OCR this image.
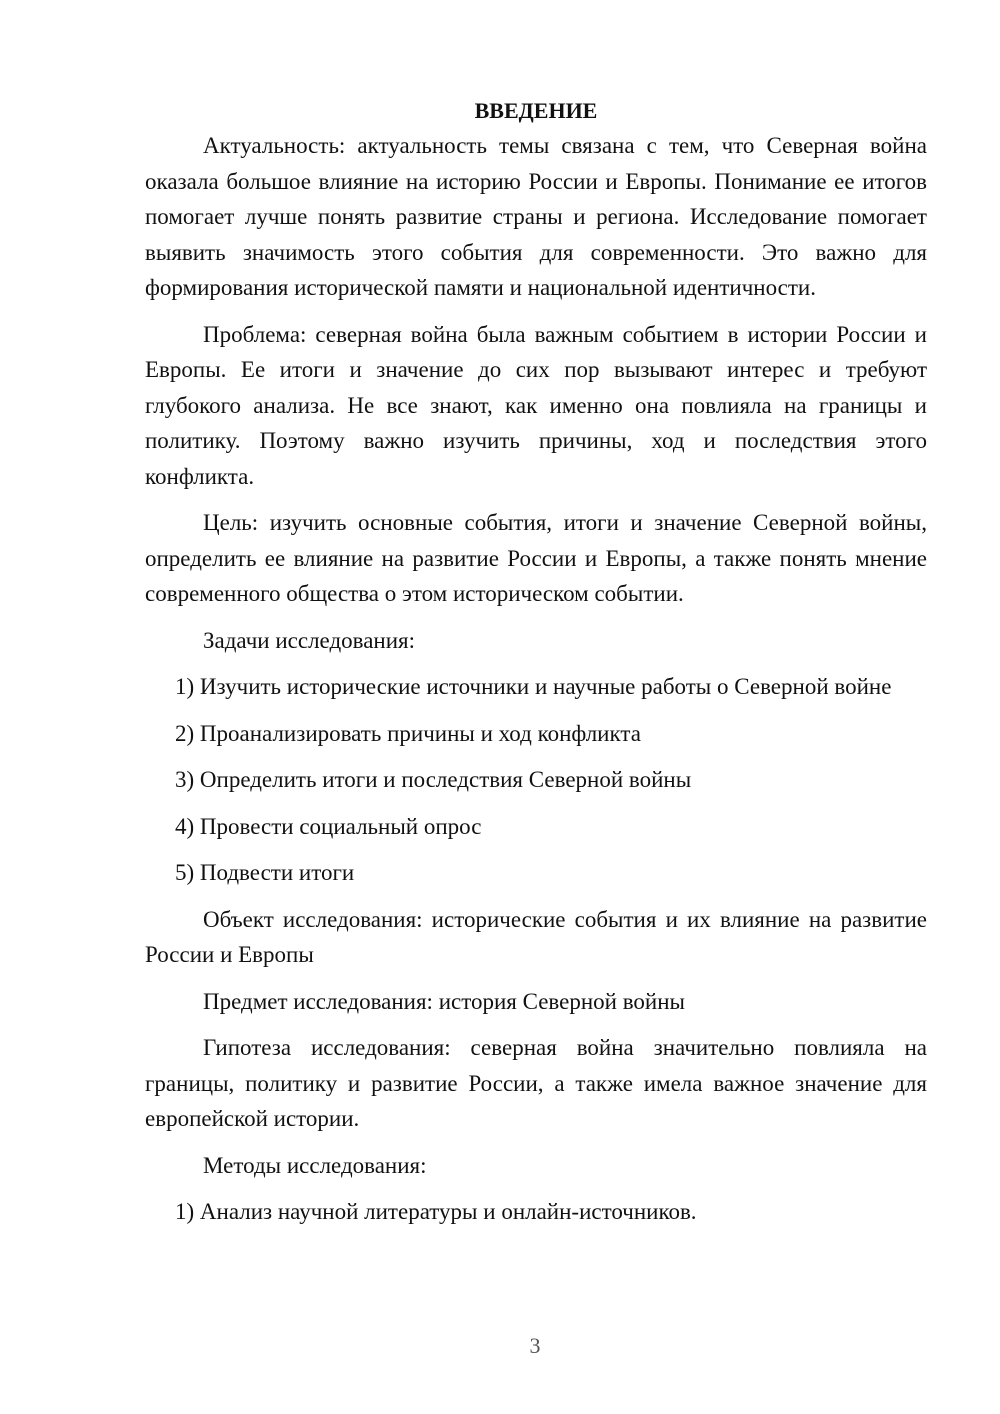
ВВЕДЕНИЕ

Актуальность: актуальность темы связана с тем, что Северная война оказала большое влияние на историю России и Европы. Понимание ее итогов помогает лучше понять развитие страны и региона. Исследование помогает выявить значимость этого события для современности. Это важно для формирования исторической памяти и национальной идентичности.

Проблема: северная война была важным событием в истории России и Европы. Ее итоги и значение до сих пор вызывают интерес и требуют глубокого анализа. Не все знают, как именно она повлияла на границы и политику. Поэтому важно изучить причины, ход и последствия этого конфликта.

Цель: изучить основные события, итоги и значение Северной войны, определить ее влияние на развитие России и Европы, а также понять мнение современного общества о этом историческом событии.

Задачи исследования:

1) Изучить исторические источники и научные работы о Северной войне

2) Проанализировать причины и ход конфликта

3) Определить итоги и последствия Северной войны

4) Провести социальный опрос

5) Подвести итоги

Объект исследования: исторические события и их влияние на развитие России и Европы

Предмет исследования: история Северной войны

Гипотеза исследования: северная война значительно повлияла на границы, политику и развитие России, а также имела важное значение для европейской истории.

Методы исследования:

1) Анализ научной литературы и онлайн-источников.

3
